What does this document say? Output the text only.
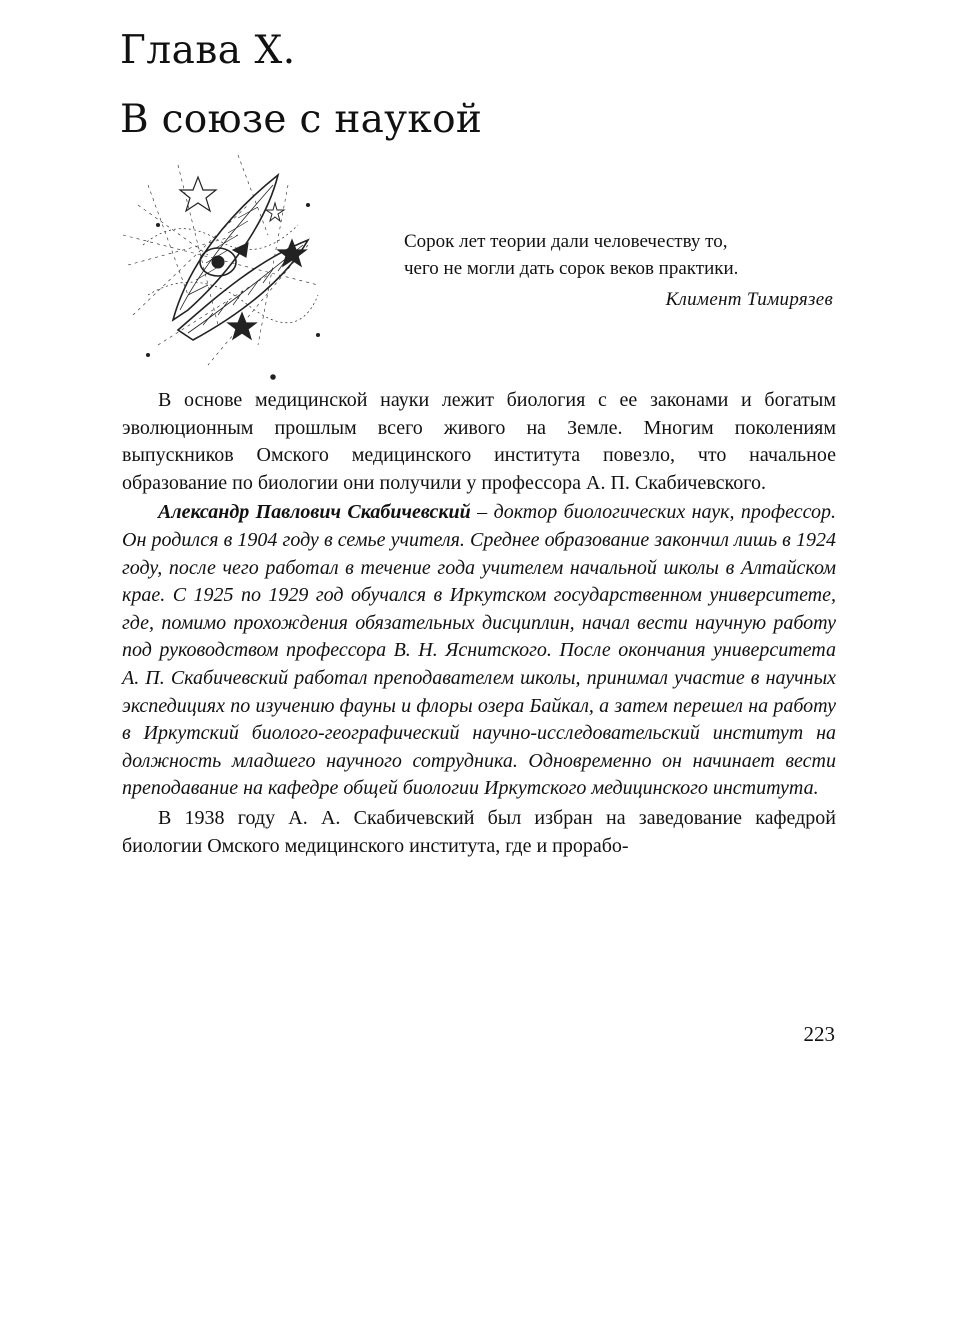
Глава X.
В союзе с наукой
Сорок лет теории дали человечеству то,
чего не могли дать сорок веков практики.
Климент Тимирязев

В основе медицинской науки лежит биология с ее законами и богатым эволюционным прошлым всего живого на Земле. Многим поколениям выпускников Омского медицинского института повезло, что начальное образование по биологии они получили у профессора А. П. Скабичевского.

Александр Павлович Скабичевский – доктор биологических наук, профессор. Он родился в 1904 году в семье учителя. Среднее образование закончил лишь в 1924 году, после чего работал в течение года учителем начальной школы в Алтайском крае. С 1925 по 1929 год обучался в Иркутском государственном университете, где, помимо прохождения обязательных дисциплин, начал вести научную работу под руководством профессора В. Н. Яснитского. После окончания университета А. П. Скабичевский работал преподавателем школы, принимал участие в научных экспедициях по изучению фауны и флоры озера Байкал, а затем перешел на работу в Иркутский биолого-географический научно-исследовательский институт на должность младшего научного сотрудника. Одновременно он начинает вести преподавание на кафедре общей биологии Иркутского медицинского института.

В 1938 году А. А. Скабичевский был избран на заведование кафедрой биологии Омского медицинского института, где и прорабо-

223
